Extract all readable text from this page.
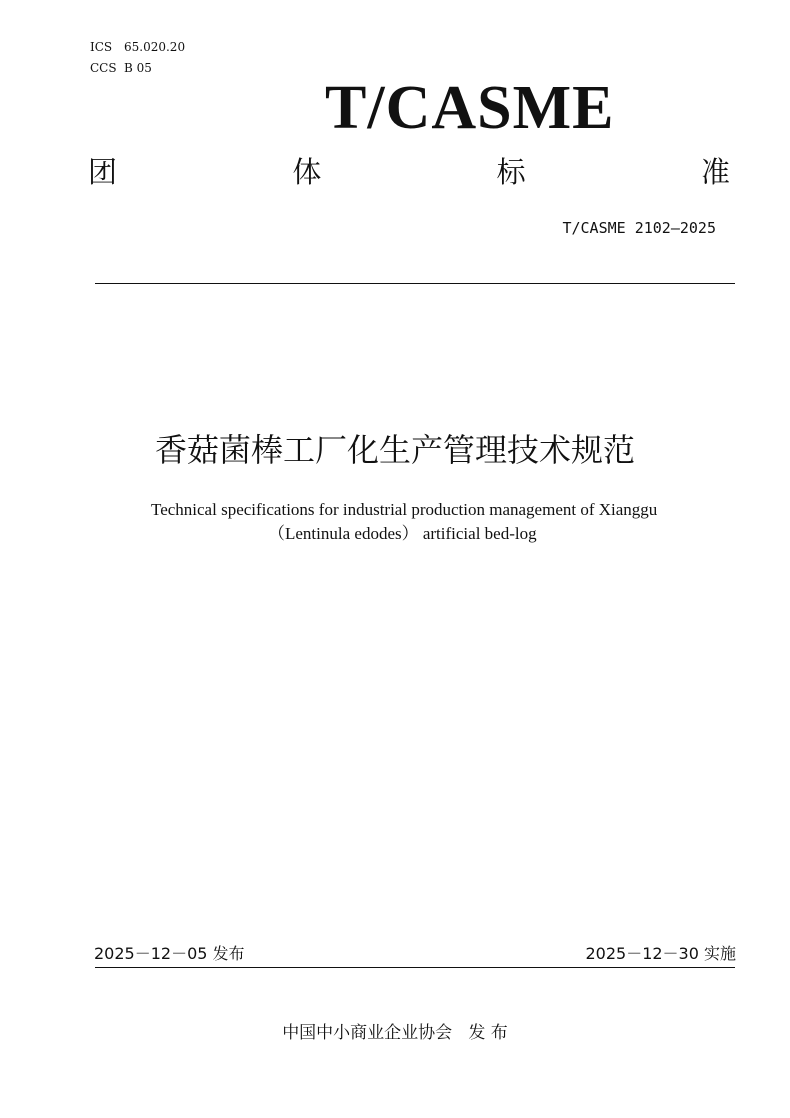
ICS 65.020.20
CCS B 05
T/CASME
团	体	标	准
T/CASME 2102—2025
香菇菌棒工厂化生产管理技术规范
Technical specifications for industrial production management of Xianggu
（Lentinula edodes） artificial bed-log
2025－12－05 发布	2025－12－30 实施
中国中小商业企业协会   发 布
